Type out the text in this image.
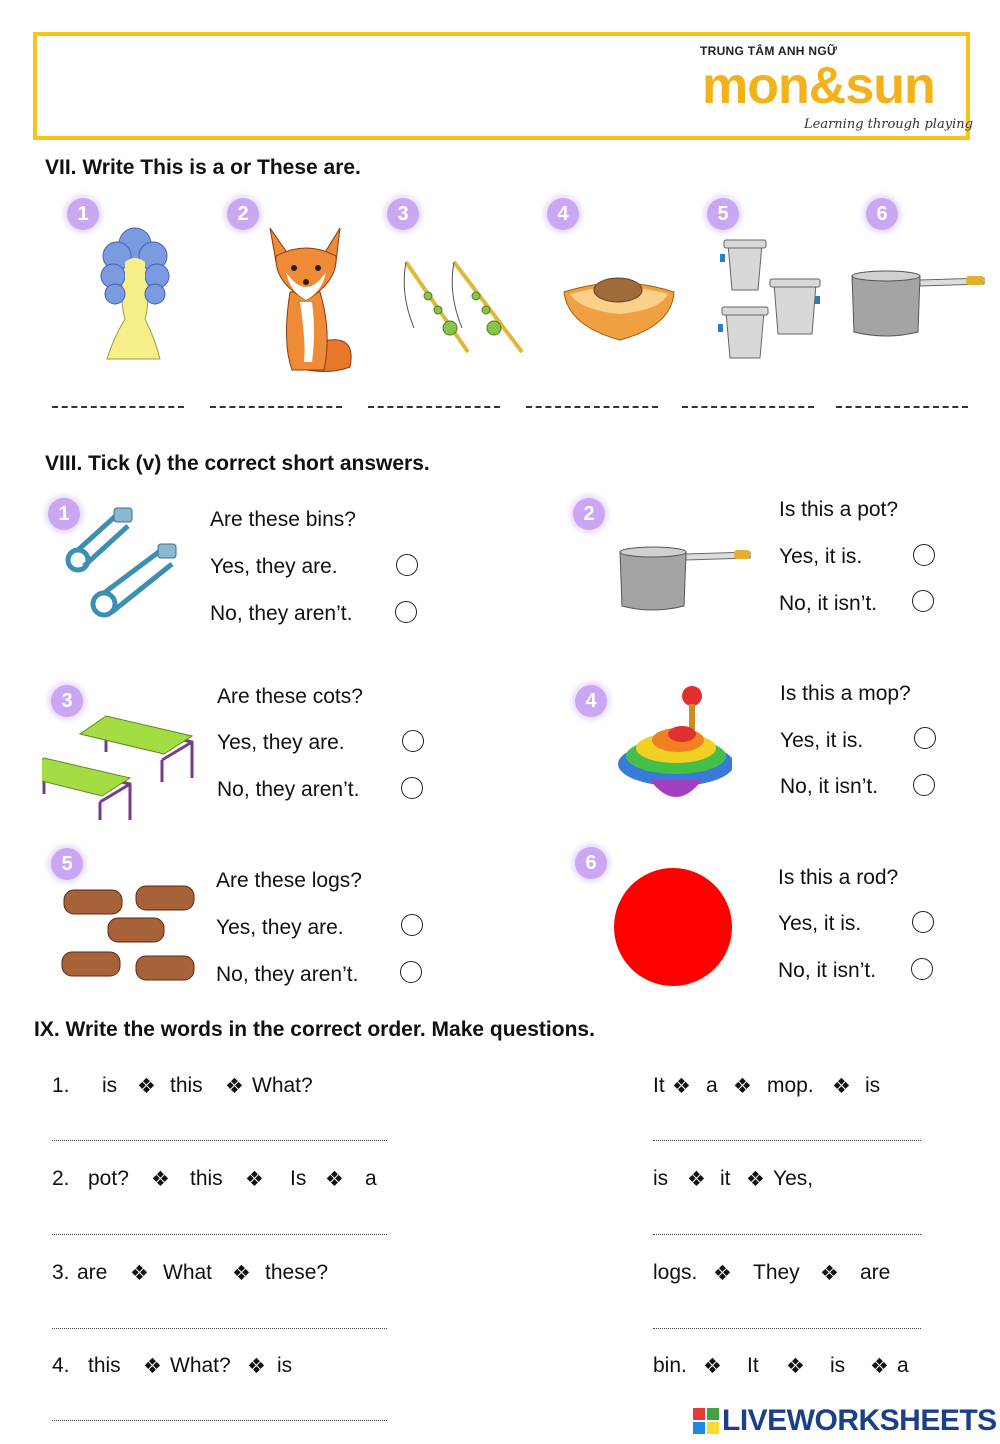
TRUNG TÂM ANH NGỮ
mon&sun
Learning through playing
VII. Write This is a or These are.
1	2	3	4	5	6
VIII. Tick (v) the correct short answers.
1	Are these bins?
Yes, they are.
No, they aren’t.
2	Is this a pot?
Yes, it is.
No, it isn’t.
3	Are these cots?
Yes, they are.
No, they aren’t.
4	Is this a mop?
Yes, it is.
No, it isn’t.
5
Are these logs?
Yes, they are.
No, they aren’t.
6
Is this a rod?
Yes, it is.
No, it isn’t.
IX. Write the words in the correct order. Make questions.
1. is ❖ this ❖ What?
2. pot? ❖ this ❖ Is ❖ a
3. are ❖ What ❖ these?
4. this ❖ What? ❖ is
It ❖ a ❖ mop. ❖ is
is ❖ it ❖ Yes,
logs. ❖ They ❖ are
bin. ❖ It ❖ is ❖ a
LIVEWORKSHEETS
